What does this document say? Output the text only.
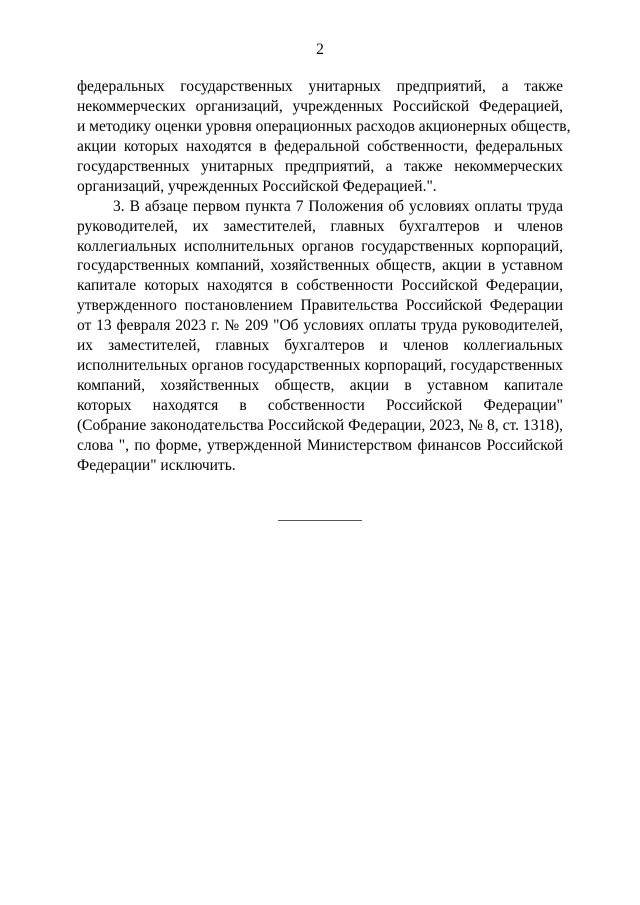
2
федеральных государственных унитарных предприятий, а также
некоммерческих организаций, учрежденных Российской Федерацией,
и методику оценки уровня операционных расходов акционерных обществ,
акции которых находятся в федеральной собственности, федеральных
государственных унитарных предприятий, а также некоммерческих
организаций, учрежденных Российской Федерацией.".
3. В абзаце первом пункта 7 Положения об условиях оплаты труда
руководителей, их заместителей, главных бухгалтеров и членов
коллегиальных исполнительных органов государственных корпораций,
государственных компаний, хозяйственных обществ, акции в уставном
капитале которых находятся в собственности Российской Федерации,
утвержденного постановлением Правительства Российской Федерации
от 13 февраля 2023 г. № 209 "Об условиях оплаты труда руководителей,
их заместителей, главных бухгалтеров и членов коллегиальных
исполнительных органов государственных корпораций, государственных
компаний, хозяйственных обществ, акции в уставном капитале
которых находятся в собственности Российской Федерации"
(Собрание законодательства Российской Федерации, 2023, № 8, ст. 1318),
слова ", по форме, утвержденной Министерством финансов Российской
Федерации" исключить.
